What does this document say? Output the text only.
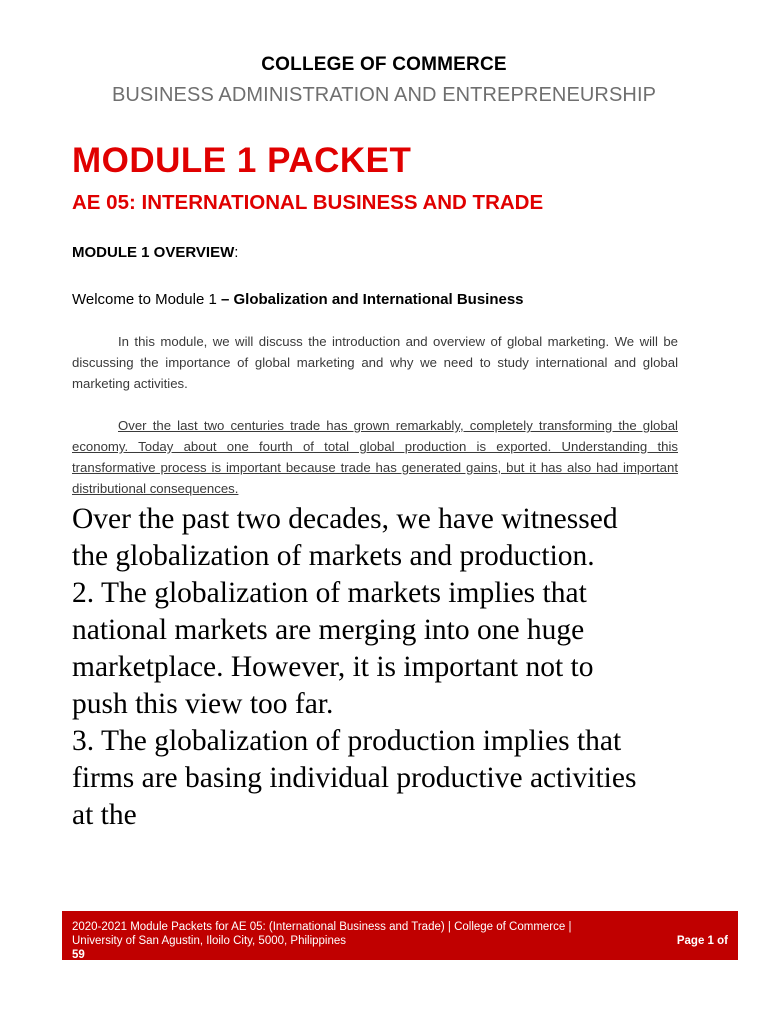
COLLEGE OF COMMERCE
BUSINESS ADMINISTRATION AND ENTREPRENEURSHIP
MODULE 1 PACKET
AE 05: INTERNATIONAL BUSINESS AND TRADE
MODULE 1 OVERVIEW:
Welcome to Module 1 – Globalization and International Business
In this module, we will discuss the introduction and overview of global marketing. We will be discussing the importance of global marketing and why we need to study international and global marketing activities.
Over the last two centuries trade has grown remarkably, completely transforming the global economy. Today about one fourth of total global production is exported. Understanding this transformative process is important because trade has generated gains, but it has also had important distributional consequences.
Over the past two decades, we have witnessed
the globalization of markets and production.
2. The globalization of markets implies that
national markets are merging into one huge
marketplace. However, it is important not to
push this view too far.
3. The globalization of production implies that
firms are basing individual productive activities
at the
2020-2021 Module Packets for AE 05: (International Business and Trade) | College of Commerce |
University of San Agustin, Iloilo City, 5000, Philippines	Page 1 of
59
